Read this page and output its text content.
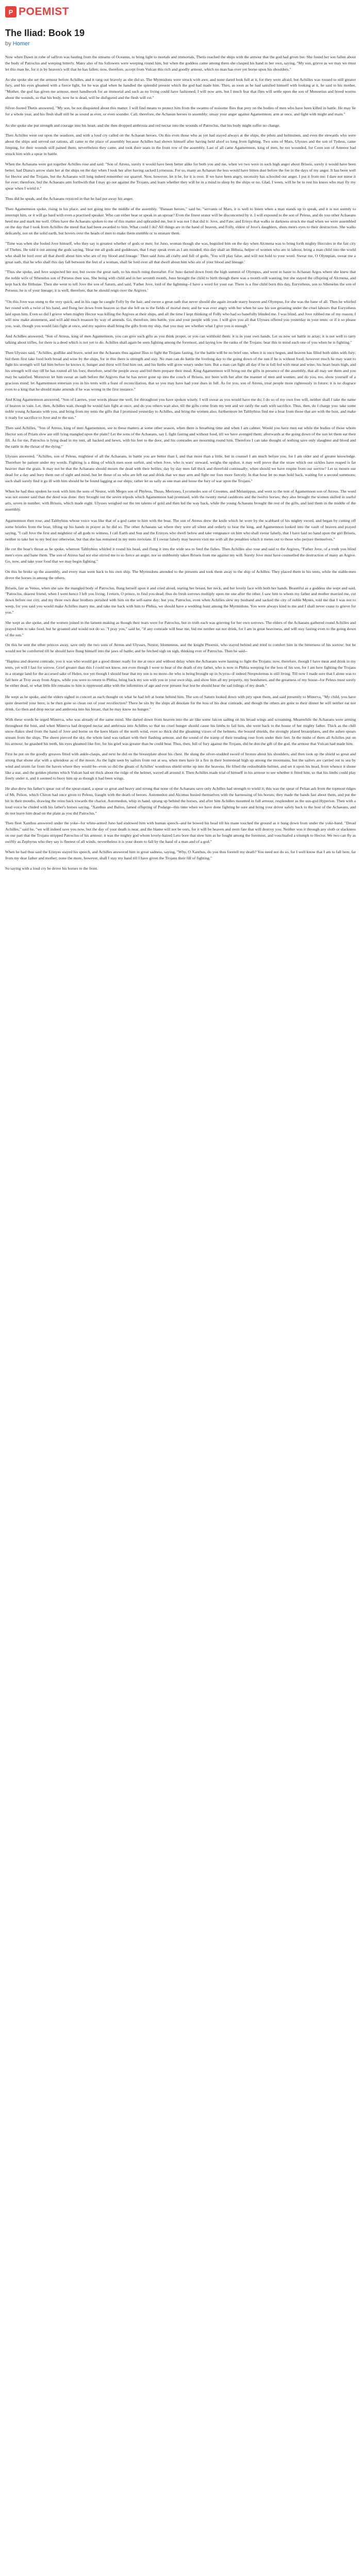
P POEMIST
The Iliad: Book 19
by Homer

Now when Dawn in robe of saffron was hasting from the streams of Oceanus, to bring light to mortals and immortals, Thetis reached the ships with the armour that the god had given her. She found her son fallen about the body of Patroclus and weeping bitterly. Many also of his followers were weeping round him, but when the goddess came among them she clasped his hand in her own, saying, "My son, grieve as we may we must let this man lie, for it is by heaven's will that he has fallen; now, therefore, accept from Vulcan this rich and goodly armour, which no man has ever yet borne upon his shoulders."

As she spoke she set the armour before Achilles, and it rang out bravely as she did so. The Myrmidons were struck with awe, and none dared look full at it, for they were afraid; but Achilles was roused to still greater fury, and his eyes gleamed with a fierce light, for he was glad when he handled the splendid present which the god had made him. Then, as soon as he had satisfied himself with looking at it, he said to his mother, "Mother, the god has given me armour, meet handiwork for an immortal and such as no living could have fashioned; I will now arm, but I much fear that flies will settle upon the son of Menoetius and breed worms about the wounds, so that his body, now he is dead, will be disfigured and the flesh will rot."

Silver-footed Thetis answered, "My son, be not disquieted about this matter. I will find means to protect him from the swarms of noisome flies that prey on the bodies of men who have been killed in battle. He may lie for a whole year, and his flesh shall still be as sound as ever, or even sounder. Call, therefore, the Achaean heroes in assembly; unsay your anger against Agamemnon; arm at once, and fight with might and main."

As she spoke she put strength and courage into his heart, and she then dropped ambrosia and red nectar into the wounds of Patroclus, that his body might suffer no change.

Then Achilles went out upon the seashore, and with a loud cry called on the Achaean heroes. On this even those who as yet had stayed always at the ships, the pilots and helmsmen, and even the stewards who were about the ships and served out rations, all came to the place of assembly because Achilles had shown himself after having held aloof so long from fighting. Two sons of Mars, Ulysses and the son of Tydeus, came limping, for their wounds still pained them; nevertheless they came, and took their seats in the front row of the assembly. Last of all came Agamemnon, king of men, he too wounded, for Coon son of Antenor had struck him with a spear in battle.

When the Achaeans were got together Achilles rose and said: "Son of Atreus, surely it would have been better alike for both you and me, when we two were in such high anger about Briseis, surely it would have been better, had Diana's arrow slain her at the ships on the day when I took her after having sacked Lyrnessus. For so, many an Achaean the less would have bitten dust before the foe in the days of my anger. It has been well for Hector and the Trojans, but the Achaeans will long indeed remember our quarrel. Now, however, let it be, for it is over. If we have been angry, necessity has schooled our anger. I put it from me: I dare not nurse it for ever; therefore, bid the Achaeans arm forthwith that I may go out against the Trojans, and learn whether they will be in a mind to sleep by the ships or no. Glad, I ween, will he be to rest his knees who may fly my spear when I wield it."

Thus did he speak, and the Achaeans rejoiced in that he had put away his anger.

Then Agamemnon spoke, rising in his place, and not going into the middle of the assembly. "Danaan heroes," said he, "servants of Mars, it is well to listen when a man stands up to speak, and it is not seemly to interrupt him, or it will go hard with even a practised speaker. Who can either hear or speak in an uproar? Even the finest orator will be disconcerted by it. I will expound to the son of Peleus, and do you other Achaeans heed me and mark me well. Often have the Achaeans spoken to me of this matter and upbraided me, but it was not I that did it: Jove, and Fate, and Erinys that walks in darkness struck me mad when we were assembled on the day that I took from Achilles the meed that had been awarded to him. What could I do? All things are in the hand of heaven, and Folly, eldest of Jove's daughters, shuts men's eyes to their destruction. She walks delicately, not on the solid earth, but hovers over the heads of men to make them stumble or to ensnare them.

"Time was when she fooled Jove himself, who they say is greatest whether of gods or men; for Juno, woman though she was, beguiled him on the day when Alcmena was to bring forth mighty Hercules in the fair city of Thebes. He told it out among the gods saying, 'Hear me all gods and goddesses, that I may speak even as I am minded; this day shall an Ilithuia, helper of women who are in labour, bring a man child into the world who shall be lord over all that dwell about him who are of my blood and lineage.' Then said Juno all crafty and full of guile, 'You will play false, and will not hold to your word. Swear me, O Olympian, swear me a great oath, that he who shall this day fall between the feet of a woman, shall be lord over all that dwell about him who are of your blood and lineage.'

"Thus she spoke, and Jove suspected her not, but swore the great oath, to his much ruing thereafter. For Juno darted down from the high summit of Olympus, and went in haste to Achaean Argos where she knew that the noble wife of Sthenelus son of Perseus then was. She being with child and in her seventh month, Juno brought the child to birth though there was a month still wanting, but she stayed the offspring of Alcmena, and kept back the Ilithuiae. Then she went to tell Jove the son of Saturn, and said, 'Father Jove, lord of the lightning--I have a word for your ear. There is a fine child born this day, Eurystheus, son to Sthenelus the son of Perseus; he is of your lineage; it is well, therefore, that he should reign over the Argives.'

"On this Jove was stung to the very quick, and in his rage he caught Folly by the hair, and swore a great oath that never should she again invade starry heaven and Olympus, for she was the bane of all. Then he whirled her round with a twist of his hand, and flung her down from heaven so that she fell on to the fields of mortal men; and he was ever angry with her when he saw his son groaning under the cruel labours that Eurystheus laid upon him. Even so did I grieve when mighty Hector was killing the Argives at their ships, and all the time I kept thinking of Folly who had so banefully blinded me. I was blind, and Jove robbed me of my reason; I will now make atonement, and will add much treasure by way of amends. Go, therefore, into battle, you and your people with you. I will give you all that Ulysses offered you yesterday in your tents: or if it so please you, wait, though you would fain fight at once, and my squires shall bring the gifts from my ship, that you may see whether what I give you is enough."

And Achilles answered, "Son of Atreus, king of men Agamemnon, you can give such gifts as you think proper, or you can withhold them: it is in your own hands. Let us now set battle in array; it is not well to tarry talking about trifles, for there is a deed which is not yet to do. Achilles shall again be seen fighting among the foremost, and laying low the ranks of the Trojans: bear this in mind each one of you when he is fighting."

Then Ulysses said, "Achilles, godlike and brave, send not the Achaeans thus against Ilius to fight the Trojans fasting, for the battle will be no brief one, when it is once begun, and heaven has filled both sides with fury; bid them first take food both bread and wine by the ships, for in this there is strength and stay. No man can do battle the livelong day to the going down of the sun if he is without food; however much he may want to fight his strength will fail him before he knows it; hunger and thirst will find him out, and his limbs will grow weary under him. But a man can fight all day if he is full fed with meat and wine; his heart beats high, and his strength will stay till he has routed all his foes; therefore, send the people away and bid them prepare their meal; King Agamemnon will bring out the gifts in presence of the assembly, that all may see them and you may be satisfied. Moreover let him swear an oath before the Argives that he has never gone up into the couch of Briseis, nor been with her after the manner of men and women; and do you, too, show yourself of a gracious mind; let Agamemnon entertain you in his tents with a feast of reconciliation, that so you may have had your dues in full. As for you, son of Atreus, treat people more righteously in future; it is no disgrace even to a king that he should make amends if he was wrong in the first instance."

And King Agamemnon answered, "Son of Laertes, your words please me well, for throughout you have spoken wisely. I will swear as you would have me do; I do so of my own free will, neither shall I take the name of heaven in vain. Let, then, Achilles wait, though he would fain fight at once, and do you others wait also, till the gifts come from my tent and we ratify the oath with sacrifice. Thus, then, do I charge you: take some noble young Achaeans with you, and bring from my tents the gifts that I promised yesterday to Achilles, and bring the women also; furthermore let Talthybius find me a boar from those that are with the host, and make it ready for sacrifice to Jove and to the sun."

Then said Achilles, "Son of Atreus, king of men Agamemnon, see to these matters at some other season, when there is breathing time and when I am calmer. Would you have men eat while the bodies of those whom Hector son of Priam slew are still lying mangled upon the plain? Let the sons of the Achaeans, say I, fight fasting and without food, till we have avenged them; afterwards at the going down of the sun let them eat their fill. As for me, Patroclus is lying dead in my tent, all hacked and hewn, with his feet to the door, and his comrades are mourning round him. Therefore I can take thought of nothing save only slaughter and blood and the rattle in the throat of the dying."

Ulysses answered, "Achilles, son of Peleus, mightiest of all the Achaeans, in battle you are better than I, and that more than a little, but in counsel I am much before you, for I am older and of greater knowledge. Therefore be patient under my words. Fighting is a thing of which men soon surfeit, and when Jove, who is wars' steward, weighs the upshot, it may well prove that the straw which our sickles have reaped is far heavier than the grain. It may not be that the Achaeans should mourn the dead with their bellies; day by day men fall thick and threefold continually; when should we have respite from our sorrow? Let us mourn our dead for a day and bury them out of sight and mind, but let those of us who are left eat and drink that we may arm and fight our foes more fiercely. In that hour let no man hold back, waiting for a second summons; such shall surely find it go ill with him should he be found lagging at our ships; rather let us sally as one man and loose the fury of war upon the Trojans."

When he had thus spoken he took with him the sons of Nestor, with Meges son of Phyleus, Thoas, Meriones, Lycomedes son of Creontes, and Melanippus, and went to the tent of Agamemnon son of Atreus. The word was not sooner said than the deed was done: they brought out the seven tripods which Agamemnon had promised, with the twenty metal cauldrons and the twelve horses; they also brought the women skilled in useful arts, seven in number, with Briseis, which made eight. Ulysses weighed out the ten talents of gold and then led the way back, while the young Achaeans brought the rest of the gifts, and laid them in the middle of the assembly.

Agamemnon then rose, and Talthybius whose voice was like that of a god came to him with the boar. The son of Atreus drew the knife which he wore by the scabbard of his mighty sword, and began by cutting off some bristles from the boar, lifting up his hands in prayer as he did so. The other Achaeans sat where they were all silent and orderly to hear the king, and Agamemnon looked into the vault of heaven and prayed saying, "I call Jove the first and mightiest of all gods to witness, I call Earth and Sun and the Erinyes who dwell below and take vengeance on him who shall swear falsely, that I have laid no hand upon the girl Briseis, neither to take her to my bed nor otherwise, but that she has remained in my tents inviolate. If I swear falsely may heaven visit me with all the penalties which it metes out to those who perjure themselves."

He cut the boar's throat as he spoke, whereon Talthybius whirled it round his head, and flung it into the wide sea to feed the fishes. Then Achilles also rose and said to the Argives, "Father Jove, of a truth you blind men's eyes and bane them. The son of Atreus had not else stirred me to so fierce an anger, nor so stubbornly taken Briseis from me against my will. Surely Jove must have counselled the destruction of many an Argive. Go, now, and take your food that we may begin fighting."

On this he broke up the assembly, and every man went back to his own ship. The Myrmidons attended to the presents and took them away to the ship of Achilles. They placed them in his tents, while the stable-men drove the horses in among the others.

Briseis, fair as Venus, when she saw the mangled body of Patroclus, flung herself upon it and cried aloud, tearing her breast, her neck, and her lovely face with both her hands. Beautiful as a goddess she wept and said, "Patroclus, dearest friend, when I went hence I left you living; I return, O prince, to find you dead; thus do fresh sorrows multiply upon me one after the other. I saw him to whom my father and mother married me, cut down before our city, and my three own dear brothers perished with him on the self-same day; but you, Patroclus, even when Achilles slew my husband and sacked the city of noble Mynes, told me that I was not to weep, for you said you would make Achilles marry me, and take me back with him to Phthia, we should have a wedding feast among the Myrmidons. You were always kind to me and I shall never cease to grieve for you."

She wept as she spoke, and the women joined in the lament-making as though their tears were for Patroclus, but in truth each was grieving for her own sorrows. The elders of the Achaeans gathered round Achilles and prayed him to take food, but he groaned and would not do so. "I pray you," said he, "if any comrade will hear me, bid me neither eat nor drink, for I am in great heaviness, and will stay fasting even to the going down of the sun."

On this he sent the other princes away, save only the two sons of Atreus and Ulysses, Nestor, Idomeneus, and the knight Phoenix, who stayed behind and tried to comfort him in the bitterness of his sorrow: but he would not be comforted till he should have flung himself into the jaws of battle; and he fetched sigh on sigh, thinking ever of Patroclus. Then he said--

"Hapless and dearest comrade, you it was who would get a good dinner ready for me at once and without delay when the Achaeans were hasting to fight the Trojans; now, therefore, though I have meat and drink in my tents, yet will I fast for sorrow. Grief greater than this I could not know, not even though I were to hear of the death of my father, who is now in Phthia weeping for the loss of his son, for I am here fighting the Trojans in a strange land for the accursed sake of Helen, nor yet though I should hear that my son is no more--he who is being brought up in Scyros--if indeed Neoptolemus is still living. Till now I made sure that I alone was to fall here at Troy away from Argos, while you were to return to Phthia, bring back my son with you in your own ship, and show him all my property, my bondsmen, and the greatness of my house--for Peleus must surely be either dead, or what little life remains to him is oppressed alike with the infirmities of age and ever present fear lest he should hear the sad tidings of my death."

He wept as he spoke, and the elders sighed in concert as each thought on what he had left at home behind him. The son of Saturn looked down with pity upon them, and said presently to Minerva, "My child, you have quite deserted your hero; is he then gone so clean out of your recollection? There he sits by the ships all desolate for the loss of his dear comrade, and though the others are gone to their dinner he will neither eat nor drink. Go then and drop nectar and ambrosia into his breast, that he may know no hunger."

With these words he urged Minerva, who was already of the same mind. She darted down from heaven into the air like some falcon sailing on his broad wings and screaming. Meanwhile the Achaeans were arming throughout the host, and when Minerva had dropped nectar and ambrosia into Achilles so that no cruel hunger should cause his limbs to fail him, she went back to the house of her mighty father. Thick as the chill snow-flakes shed from the hand of Jove and borne on the keen blasts of the north wind, even so thick did the gleaming vizors of the helmets, the bossed shields, the strongly plated breastplates, and the ashen spears stream from the ships. The sheen pierced the sky, the whole land was radiant with their flashing armour, and the sound of the tramp of their treading rose from under their feet. In the midst of them all Achilles put on his armour; he gnashed his teeth, his eyes gleamed like fire, for his grief was greater than he could bear. Thus, then, full of fury against the Trojans, did he don the gift of the god, the armour that Vulcan had made him.

First he put on the goodly greaves fitted with ankle-clasps, and next he did on the breastplate about his chest. He slung the silver-studded sword of bronze about his shoulders, and then took up the shield so great and strong that shone afar with a splendour as of the moon. As the light seen by sailors from out at sea, when men have lit a fire in their homestead high up among the mountains, but the sailors are carried out to sea by wind and storm far from the haven where they would be--even so did the gleam of Achilles' wondrous shield strike up into the heavens. He lifted the redoubtable helmet, and set it upon his head, from whence it shone like a star, and the golden plumes which Vulcan had set thick about the ridge of the helmet, waved all around it. Then Achilles made trial of himself in his armour to see whether it fitted him, so that his limbs could play freely under it, and it seemed to buoy him up as though it had been wings.

He also drew his father's spear out of the spear-stand, a spear so great and heavy and strong that none of the Achaeans save only Achilles had strength to wield it; this was the spear of Pelian ash from the topmost ridges of Mt. Pelion, which Chiron had once given to Peleus, fraught with the death of heroes. Automedon and Alcimus busied themselves with the harnessing of his horses; they made the bands fast about them, and put the bit in their mouths, drawing the reins back towards the chariot. Automedon, whip in hand, sprang up behind the horses, and after him Achilles mounted in full armour, resplendent as the sun-god Hyperion. Then with a loud voice he chided with his father's horses saying, "Xanthus and Balius, famed offspring of Podarge--this time when we have done fighting be sure and bring your driver safely back to the host of the Achaeans, and do not leave him dead on the plain as you did Patroclus."

Then fleet Xanthus answered under the yoke--for white-armed Juno had endowed him with human speech--and he bowed his head till his mane touched the ground as it hung down from under the yoke-band. "Dread Achilles," said he, "we will indeed save you now, but the day of your death is near, and the blame will not be ours, for it will be heaven and stern fate that will destroy you. Neither was it through any sloth or slackness on our part that the Trojans stripped Patroclus of his armour; it was the mighty god whom lovely-haired Leto bore that slew him as he fought among the foremost, and vouchsafed a triumph to Hector. We two can fly as swiftly as Zephyrus who they say is fleetest of all winds; nevertheless it is your doom to fall by the hand of a man and of a god."

When he had thus said the Erinyes stayed his speech, and Achilles answered him in great sadness, saying, "Why, O Xanthus, do you thus foretell my death? You need not do so, for I well know that I am to fall here, far from my dear father and mother; none the more, however, shall I stay my hand till I have given the Trojans their fill of fighting."

So saying with a loud cry he drove his horses to the front.
